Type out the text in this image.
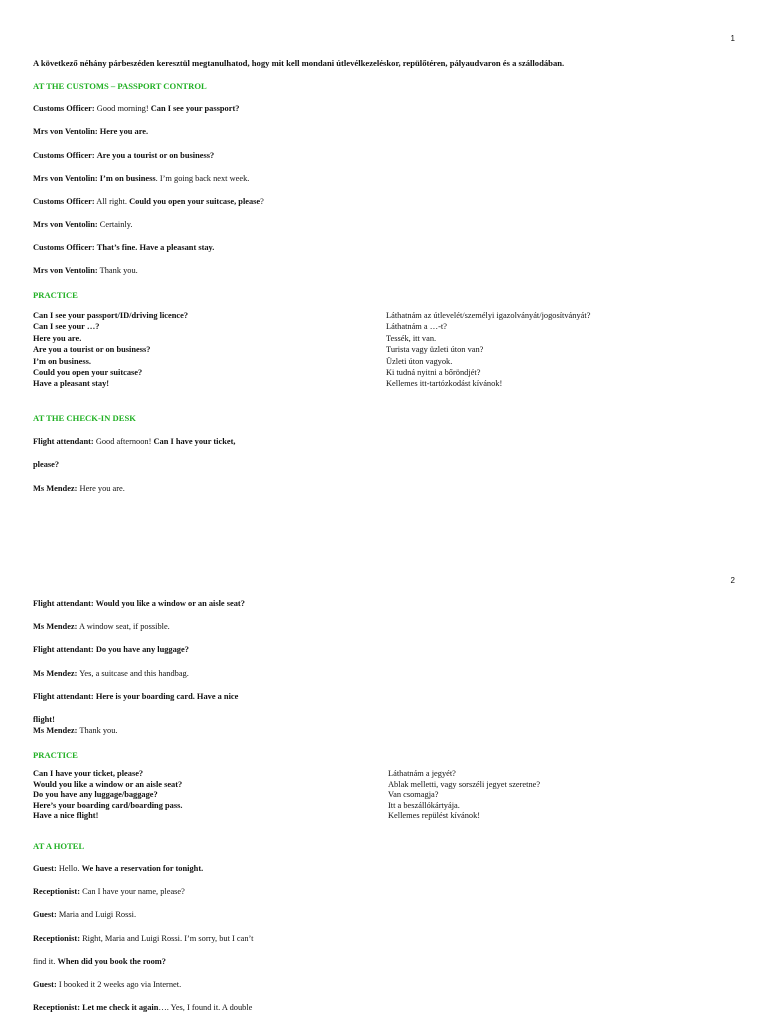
1
A következő néhány párbeszéden keresztül megtanulhatod, hogy mit kell mondani útlevélkezeléskor, repülőtéren, pályaudvaron és a szállodában.
AT THE CUSTOMS – PASSPORT CONTROL
Customs Officer: Good morning! Can I see your passport?
Mrs von Ventolin: Here you are.
Customs Officer: Are you a tourist or on business?
Mrs von Ventolin: I’m on business. I’m going back next week.
Customs Officer: All right. Could you open your suitcase, please?
Mrs von Ventolin: Certainly.
Customs Officer: That’s fine. Have a pleasant stay.
Mrs von Ventolin: Thank you.
PRACTICE
Can I see your passport/ID/driving licence?
Can I see your …?
Here you are.
Are you a tourist or on business?
I’m on business.
Could you open your suitcase?
Have a pleasant stay!
Láthatnám az útlevelét/személyi igazolványát/jogosítványát?
Láthatnám a …-t?
Tessék, itt van.
Turista vagy üzleti úton van?
Üzleti úton vagyok.
Ki tudná nyitni a bőröndjét?
Kellemes itt-tartózkodást kívánok!
AT THE CHECK-IN DESK
Flight attendant: Good afternoon! Can I have your ticket,
please?
Ms Mendez: Here you are.
2
Flight attendant: Would you like a window or an aisle seat?
Ms Mendez: A window seat, if possible.
Flight attendant: Do you have any luggage?
Ms Mendez: Yes, a suitcase and this handbag.
Flight attendant: Here is your boarding card. Have a nice
flight!
Ms Mendez: Thank you.
PRACTICE
Can I have your ticket, please?
Would you like a window or an aisle seat?
Do you have any luggage/baggage?
Here’s your boarding card/boarding pass.
Have a nice flight!
Láthatnám a jegyét?
Ablak melletti, vagy sorszéli jegyet szeretne?
Van csomagja?
Itt a beszállókártyája.
Kellemes repülést kívánok!
AT A HOTEL
Guest: Hello. We have a reservation for tonight.
Receptionist: Can I have your name, please?
Guest: Maria and Luigi Rossi.
Receptionist: Right, Maria and Luigi Rossi. I’m sorry, but I can’t
find it. When did you book the room?
Guest: I booked it 2 weeks ago via Internet.
Receptionist: Let me check it again…. Yes, I found it. A double
